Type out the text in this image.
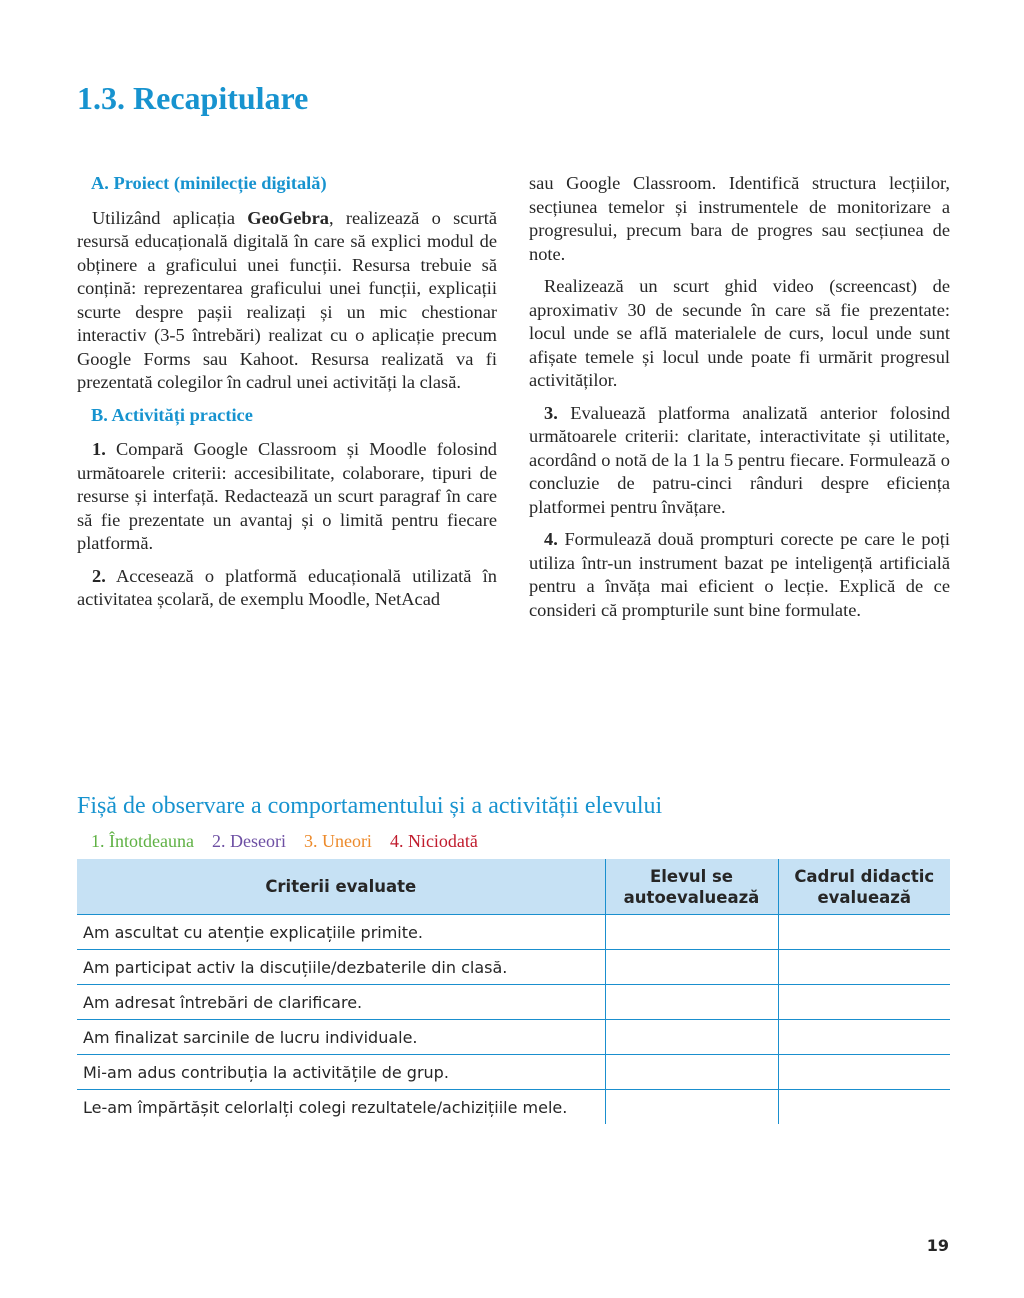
1.3. Recapitulare
A. Proiect (minilecție digitală)

Utilizând aplicația GeoGebra, realizează o scurtă resursă educațională digitală în care să explici modul de obținere a graficului unei funcții. Resursa trebuie să conțină: reprezentarea graficului unei funcții, explicații scurte despre pașii realizați și un mic chestionar interactiv (3-5 întrebări) realizat cu o aplicație precum Google Forms sau Kahoot. Resursa realizată va fi prezentată colegilor în cadrul unei activități la clasă.

B. Activități practice

1. Compară Google Classroom și Moodle folosind următoarele criterii: accesibilitate, colaborare, tipuri de resurse și interfață. Redactează un scurt paragraf în care să fie prezentate un avantaj și o limită pentru fiecare platformă.

2. Accesează o platformă educațională utilizată în activitatea școlară, de exemplu Moodle, NetAcad

sau Google Classroom. Identifică structura lecțiilor, secțiunea temelor și instrumentele de monitorizare a progresului, precum bara de progres sau secțiunea de note.

Realizează un scurt ghid video (screencast) de aproximativ 30 de secunde în care să fie prezentate: locul unde se află materialele de curs, locul unde sunt afișate temele și locul unde poate fi urmărit progresul activităților.

3. Evaluează platforma analizată anterior folosind următoarele criterii: claritate, interactivitate și utilitate, acordând o notă de la 1 la 5 pentru fiecare. Formulează o concluzie de patru-cinci rânduri despre eficiența platformei pentru învățare.

4. Formulează două prompturi corecte pe care le poți utiliza într-un instrument bazat pe inteligență artificială pentru a învăța mai eficient o lecție. Explică de ce consideri că prompturile sunt bine formulate.

Fișă de observare a comportamentului și a activității elevului
1. Întotdeauna 2. Deseori 3. Uneori 4. Niciodată
Criterii evaluate	Elevul se autoevaluează	Cadrul didactic evaluează
Am ascultat cu atenție explicațiile primite.		
Am participat activ la discuțiile/dezbaterile din clasă.		
Am adresat întrebări de clarificare.		
Am finalizat sarcinile de lucru individuale.		
Mi-am adus contribuția la activitățile de grup.		
Le-am împărtășit celorlalți colegi rezultatele/achizițiile mele.		
19
